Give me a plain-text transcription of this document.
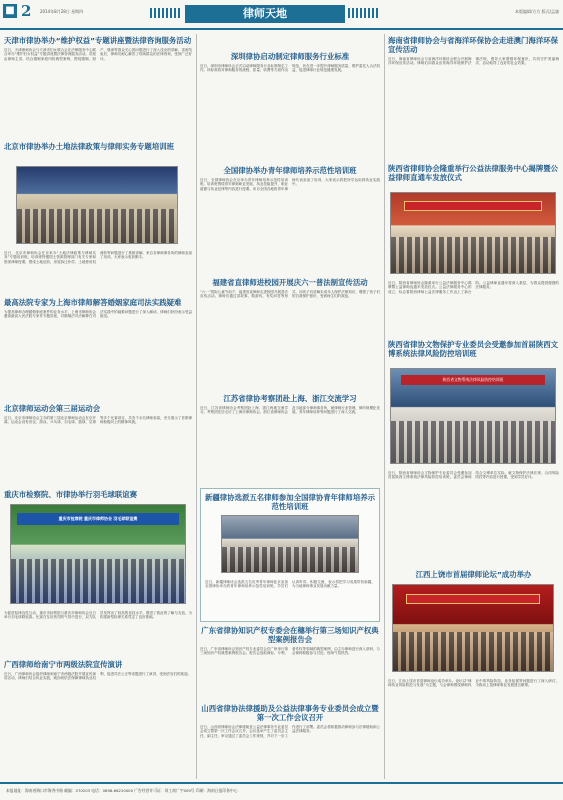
■ 2 2014年8月28日 星期四	律师天地	本版编辑/方方 版式/孟谦
天津市律协举办“维护权益”专题讲座暨法律咨询服务活动
近日，天津律师协会与天津市妇女联合会在法律服务中心联合举办“维护妇女权益”专题讲座暨法律咨询服务活动。讲座由律师主讲，结合婚姻家庭纠纷典型案例，围绕婚姻、财产、继承等群众关心的问题进行了深入浅出的讲解。讲座结束后，律师们耐心解答了现场群众的法律咨询，受到广泛好评。
北京市律协举办土地法律政策与律师实务专题培训班
近日，北京市律师协会在京举办“土地法律政策与律师实务”专题培训班。培训班特邀国土资源管理部门有关专家和资深律师授课，围绕土地征收、房屋拆迁补偿、土地使用权流转等问题进行了系统讲解。来自各律师事务所的律师参加了培训，大家表示收获颇丰。
最高法院专家为上海市律师解答婚姻家庭司法实践疑难
为提高律师办理婚姻家庭案件的业务水平，上海市律师协会邀请最高人民法院专家作专题讲座，对婚姻法司法解释在司法实践中的疑难问题进行了深入解读，律师们纷纷表示受益匪浅。
北京律师运动会第三届运动会
近日，北京市律师协会主办的第三届北京律师运动会在京开幕。运动会设有田径、游泳、乒乓球、羽毛球、篮球、足球等多个比赛项目，共有千余名律师参赛，充分展示了首都律师积极向上的精神风貌。
重庆市检察院、市律协举行羽毛球联谊赛
重庆市检察院 重庆市律师协会 羽毛球联谊赛
为促进检律良性互动，重庆市检察院与重庆市律师协会近日举行羽毛球联谊赛。比赛在友好热烈的气氛中进行，双方队员发挥出了较高的竞技水平，增进了彼此的了解与友谊，为构建新型检律关系奠定了良好基础。
广西律师给南宁市两级法院宣传演讲
近日，广西律师协会组织律师到南宁市两级法院开展宣传演讲活动，律师们结合执业实践，就如何依法保障律师执业权利、促进司法公正等话题进行了演讲，受到法官们的欢迎。
深圳律协启动制定律师服务行业标准
近日，深圳市律师协会正式启动律师服务行业标准制定工作。该标准将对律师服务的流程、质量、收费等方面作出规范，旨在进一步提升律师服务质量，维护委托人合法权益，促进律师行业规范健康发展。
全国律协举办青年律师培养示范性培训班
近日，全国律师协会在京举办青年律师培养示范性培训班。培训班围绕青年律师职业发展、执业技能提升、职业道德与执业纪律等内容进行授课。来自全国各地的青年律师代表参加了培训，大家表示将把所学运用到执业实践中。
福建省直律师进校园开展庆六一普法制宣传活动
“六一”国际儿童节前夕，福建省直律师走进校园开展普法宣传活动。律师们通过讲故事、做游戏、有奖问答等形式，向孩子们讲解未成年人保护法律知识，增强了孩子们的自我保护意识，受到师生们的欢迎。
江苏省律协考察团赴上海、浙江交流学习
近日，江苏省律师协会考察团赴上海、浙江两地交流学习。考察团先后走访了上海市律师协会、浙江省律师协会及当地部分律师事务所，就律师行业管理、律所规模化发展、青年律师培养等问题进行了深入交流。
新疆律协选派五名律师参加全国律协青年律师培养示范性培训班
近日，新疆律师协会选派五名优秀青年律师赴京参加全国律协举办的青年律师培养示范性培训班。学员们认真听讲、积极交流，表示将把学习成果带回新疆，为当地律师事业发展贡献力量。
广东省律协知识产权专委会在穗举行第三场知识产权典型案例报告会
近日，广东省律师协会知识产权专业委员会在广州举行第三场知识产权典型案例报告会。报告会选取商标、专利、著作权等领域的典型案例，由主办律师进行深入剖析，与会律师积极参与讨论，现场气氛热烈。
山西省律协法律援助及公益法律事务专业委员会成立暨第一次工作会议召开
近日，山西省律师协会法律援助及公益法律事务专业委员会成立暨第一次工作会议召开。会议选举产生了委员会主任、副主任，审议通过了委员会工作规则，并对下一步工作进行了部署。委员会将积极推动律师参与法律援助和公益法律服务。
海南省律师协会与省海洋环保协会走进澳门海洋环保宣传活动
近日，海南省律师协会与省海洋环保协会联合开展海洋环保宣传活动。律师们向群众宣传海洋环境保护法律法规，倡导大家增强环保意识，共同守护美丽海洋，活动取得了良好的社会效果。
陕西省律师协会隆重举行公益法律服务中心揭牌暨公益律师直通车发放仪式
近日，陕西省律师协会隆重举行公益法律服务中心揭牌暨公益律师直通车发放仪式。公益法律服务中心的成立，标志着陕西律师公益法律服务工作迈上了新台阶。公益律师直通车将深入基层，为群众提供便捷的法律服务。
陕西省律协文物保护专业委员会受邀参加首届陕西文博系统法律风险防控培训班
陕西省文物系统法律风险防控培训班
近日，陕西省律师协会文物保护专业委员会受邀参加首届陕西文博系统法律风险防控培训班。委员会律师结合文博单位实际，就文物保护法律法规、合同风险防控等内容进行授课，受到学员好评。
江西上饶市首届律师论坛”成功举办
近日，江西上饶市首届律师论坛成功举办。论坛以“律师执业风险防范与发展”为主题，与会律师围绕律师执业中的风险防范、业务拓展等问题进行了深入研讨，为推动上饶律师事业发展建言献策。
本报地址：海南省海口市海秀中路 邮编：570203 电话：0898-66210000 广告经营许可证：琼工商广字009号 印刷：海南日报印务中心
